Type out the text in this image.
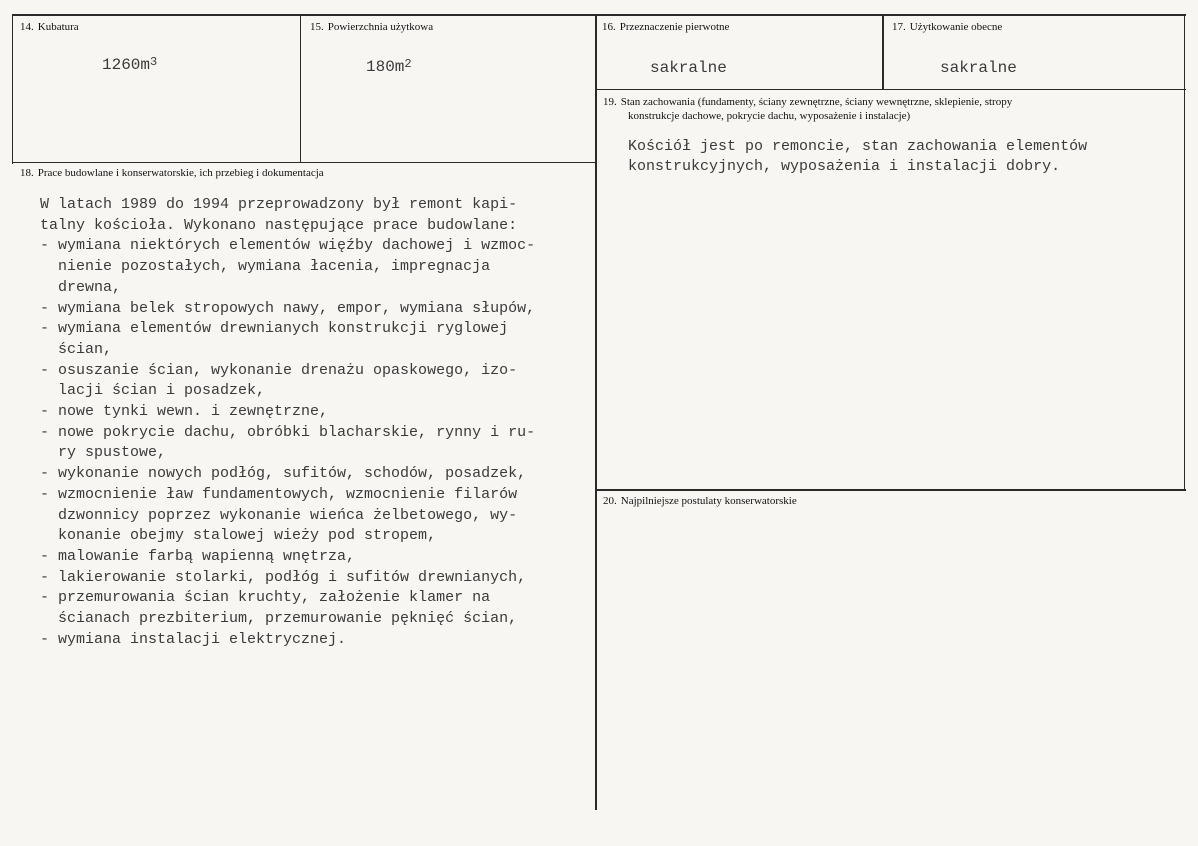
14. Kubatura
$1260m^3$
15. Powierzchnia użytkowa
$180m^2$
16. Przeznaczenie pierwotne
sakralne
17. Użytkowanie obecne
sakralne
19. Stan zachowania (fundamenty, ściany zewnętrzne, ściany wewnętrzne, sklepienie, stropy
konstrukcje dachowe, pokrycie dachu, wyposażenie i instalacje)
Kościół jest po remoncie, stan zachowania elementów
konstrukcyjnych, wyposażenia i instalacji dobry.
18. Prace budowlane i konserwatorskie, ich przebieg i dokumentacja
W latach 1989 do 1994 przeprowadzony był remont kapi-
talny kościoła. Wykonano następujące prace budowlane:
- wymiana niektórych elementów więźby dachowej i wzmoc-
nienie pozostałych, wymiana łacenia, impregnacja
drewna,
- wymiana belek stropowych nawy, empor, wymiana słupów,
- wymiana elementów drewnianych konstrukcji ryglowej
ścian,
- osuszanie ścian, wykonanie drenażu opaskowego, izo-
lacji ścian i posadzek,
- nowe tynki wewn. i zewnętrzne,
- nowe pokrycie dachu, obróbki blacharskie, rynny i ru-
ry spustowe,
- wykonanie nowych podłóg, sufitów, schodów, posadzek,
- wzmocnienie ław fundamentowych, wzmocnienie filarów
dzwonnicy poprzez wykonanie wieńca żelbetowego, wy-
konanie obejmy stalowej wieży pod stropem,
- malowanie farbą wapienną wnętrza,
- lakierowanie stolarki, podłóg i sufitów drewnianych,
- przemurowania ścian kruchty, założenie klamer na
ścianach prezbiterium, przemurowanie pęknięć ścian,
- wymiana instalacji elektrycznej.
20. Najpilniejsze postulaty konserwatorskie
